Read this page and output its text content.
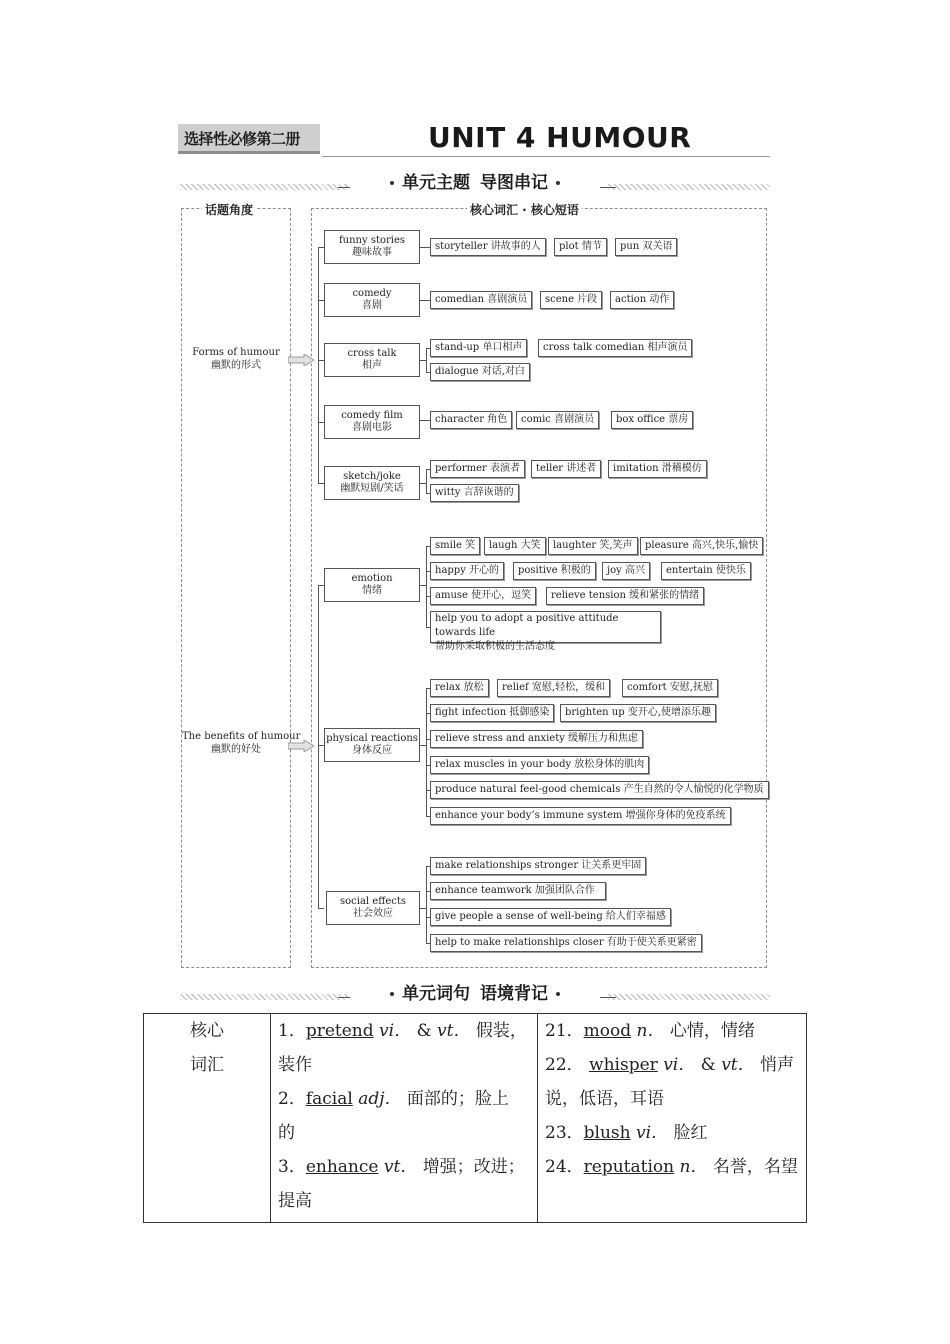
选择性必修第二册	UNIT 4 HUMOUR
单元主题 导图串记
话题角度	核心词汇 · 核心短语
Forms of humour
幽默的形式
The benefits of humour
幽默的好处
funny stories
趣味故事
storyteller 讲故事的人	plot 情节	pun 双关语
comedy
喜剧
comedian 喜剧演员	scene 片段	action 动作
cross talk
相声
stand-up 单口相声	cross talk comedian 相声演员
dialogue 对话,对白
comedy film
喜剧电影
character 角色	comic 喜剧演员	box office 票房
sketch/joke
幽默短剧/笑话
performer 表演者	teller 讲述者	imitation 滑稽模仿
witty 言辞诙谐的
emotion
情绪
smile 笑	laugh 大笑	laughter 笑,笑声	pleasure 高兴,快乐,愉快
happy 开心的	positive 积极的	joy 高兴	entertain 使快乐
amuse 使开心，逗笑	relieve tension 缓和紧张的情绪
help you to adopt a positive attitude towards life
帮助你采取积极的生活态度
physical reactions
身体反应
relax 放松	relief 宽慰,轻松，缓和	comfort 安慰,抚慰
fight infection 抵御感染	brighten up 变开心,使增添乐趣
relieve stress and anxiety 缓解压力和焦虑
relax muscles in your body 放松身体的肌肉
produce natural feel-good chemicals 产生自然的令人愉悦的化学物质
enhance your body’s immune system 增强你身体的免疫系统
social effects
社会效应
make relationships stronger 让关系更牢固
enhance teamwork 加强团队合作
give people a sense of well-being 给人们幸福感
help to make relationships closer 有助于使关系更紧密
单元词句 语境背记
核心
词汇

1．pretend vi． & vt． 假装，
装作
2．facial adj． 面部的；脸上
的
3．enhance vt． 增强；改进；
提高

21．mood n． 心情，情绪
22． whisper vi． & vt． 悄声
说，低语，耳语
23．blush vi． 脸红
24．reputation n． 名誉，名望
